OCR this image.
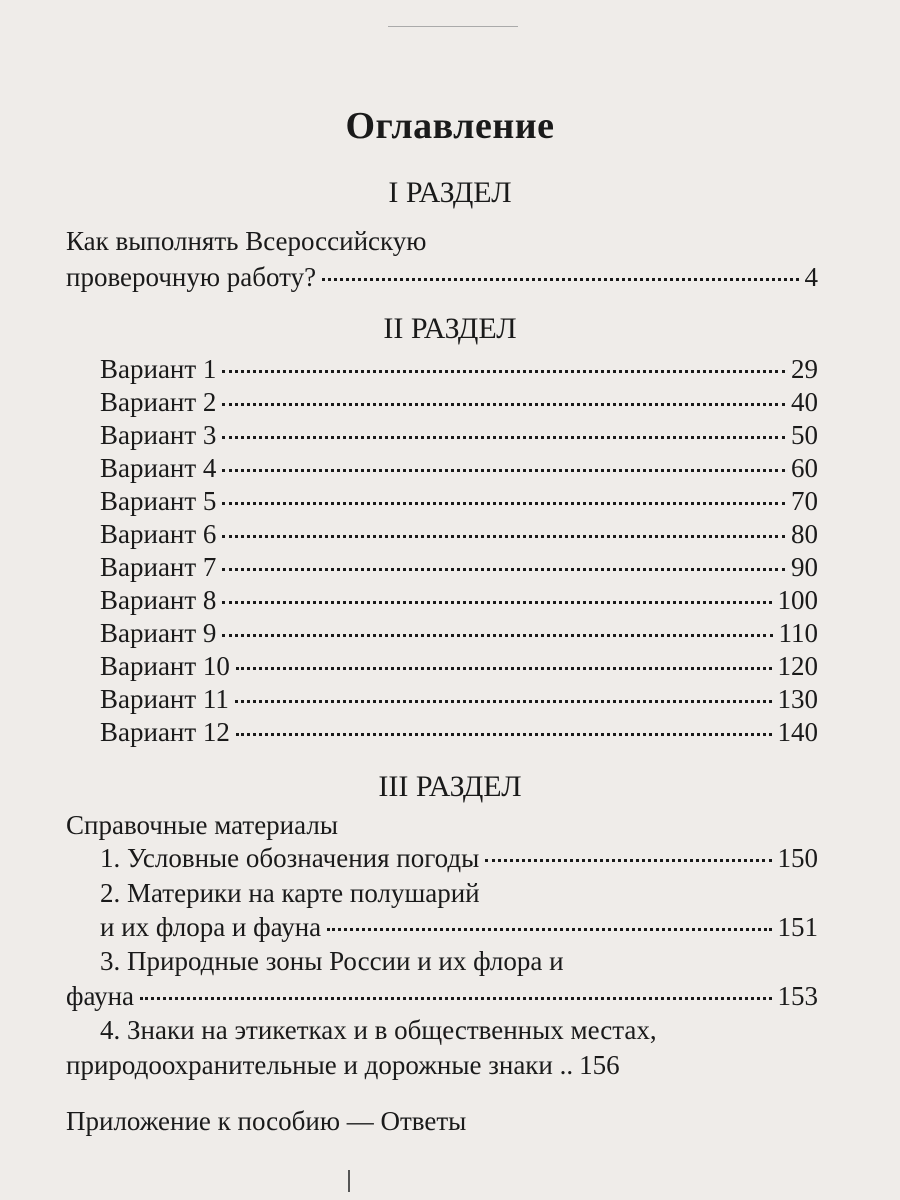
Оглавление
I РАЗДЕЛ
Как выполнять Всероссийскую
проверочную работу?	4
II РАЗДЕЛ
Вариант 1	29
Вариант 2	40
Вариант 3	50
Вариант 4	60
Вариант 5	70
Вариант 6	80
Вариант 7	90
Вариант 8	100
Вариант 9	110
Вариант 10	120
Вариант 11	130
Вариант 12	140
III РАЗДЕЛ
Справочные материалы
1. Условные обозначения погоды	150
2. Материки на карте полушарий
и их флора и фауна	151
3. Природные зоны России и их флора и
фауна	153
4. Знаки на этикетках и в общественных местах,
природоохранительные и дорожные знаки .. 156
Приложение к пособию — Ответы
